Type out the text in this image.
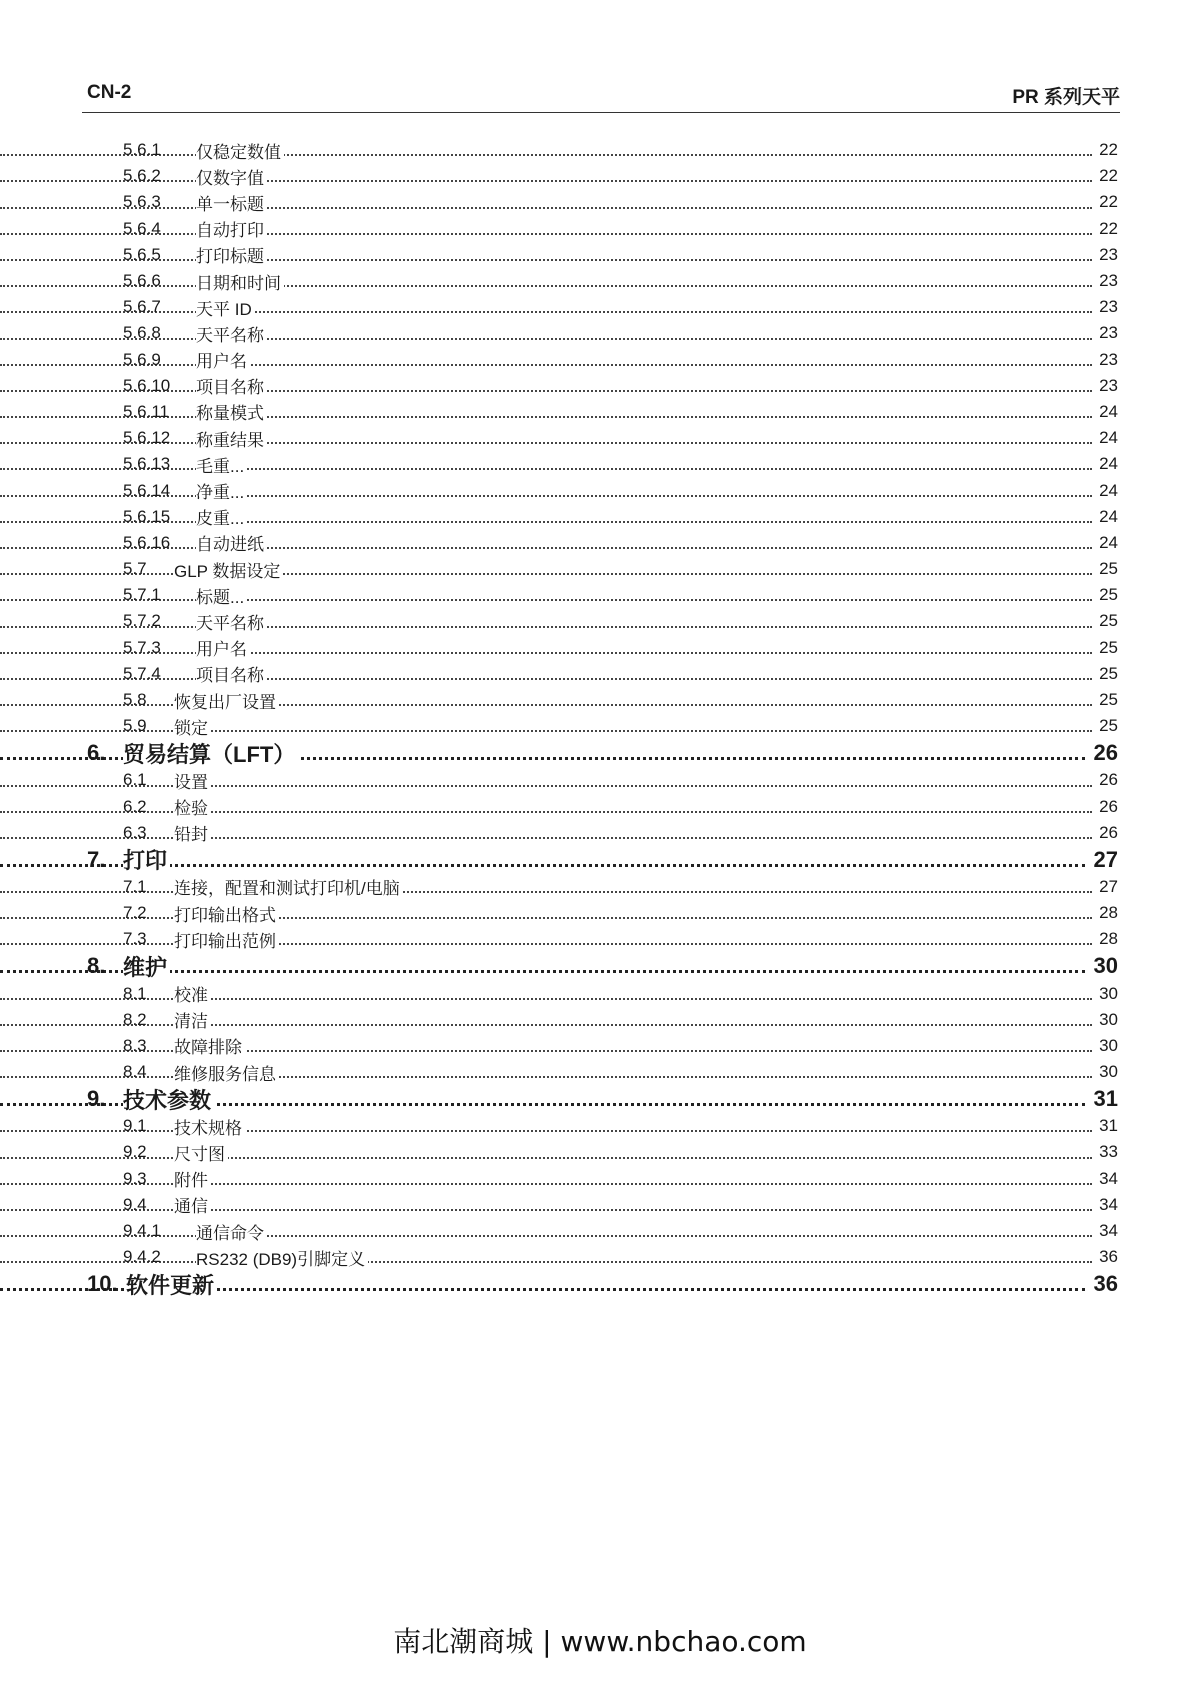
CN-2	PR 系列天平
5.6.1 仅稳定数值	22
5.6.2 仅数字值	22
5.6.3 单一标题	22
5.6.4 自动打印	22
5.6.5 打印标题	23
5.6.6 日期和时间	23
5.6.7 天平 ID	23
5.6.8 天平名称	23
5.6.9 用户名	23
5.6.10 项目名称	23
5.6.11 称量模式	24
5.6.12 称重结果	24
5.6.13 毛重...	24
5.6.14 净重...	24
5.6.15 皮重...	24
5.6.16 自动进纸	24
5.7 GLP 数据设定	25
5.7.1 标题...	25
5.7.2 天平名称	25
5.7.3 用户名	25
5.7.4 项目名称	25
5.8 恢复出厂设置	25
5.9 锁定	25
6. 贸易结算（LFT）	26
6.1 设置	26
6.2 检验	26
6.3 铅封	26
7. 打印	27
7.1 连接，配置和测试打印机/电脑	27
7.2 打印输出格式	28
7.3 打印输出范例	28
8. 维护	30
8.1 校准	30
8.2 清洁	30
8.3 故障排除	30
8.4 维修服务信息	30
9. 技术参数	31
9.1 技术规格	31
9.2 尺寸图	33
9.3 附件	34
9.4 通信	34
9.4.1 通信命令	34
9.4.2 RS232 (DB9)引脚定义	36
10. 软件更新	36
南北潮商城 | www.nbchao.com
